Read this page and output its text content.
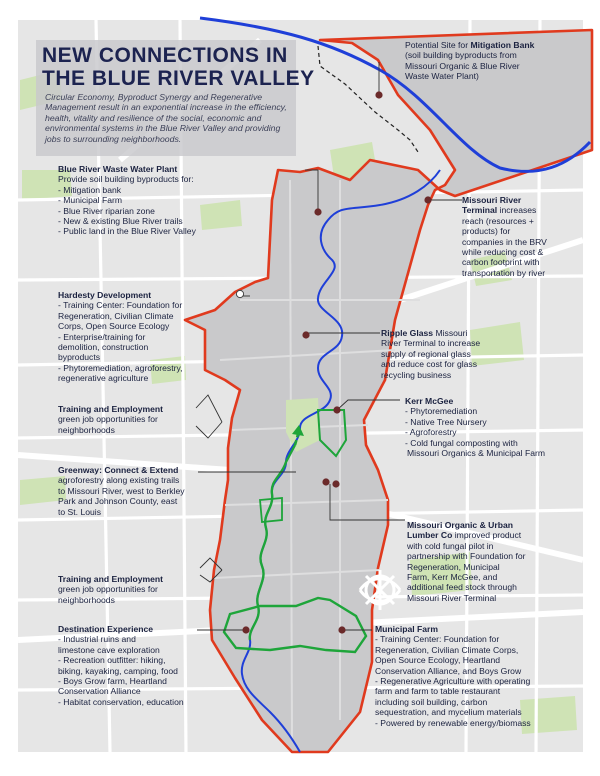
NEW CONNECTIONS IN
THE BLUE RIVER VALLEY
Circular Economy, Byproduct Synergy and Regenerative Management result in an exponential increase in the efficiency, health, vitality and resilience of the social, economic and environmental systems in the Blue River Valley and providing jobs to surrounding neighborhoods.
Potential Site for Mitigation Bank
(soil building byproducts from
Missouri Organic & Blue River
Waste Water Plant)
Blue River Waste Water Plant
Provide soil building byproducts for:
- Mitigation bank
- Municipal Farm
- Blue River riparian zone
- New & existing Blue River trails
- Public land in the Blue River Valley
Missouri River
Terminal increases
reach (resources +
products) for
companies in the BRV
while reducing cost &
carbon footprint with
transportation by river
Hardesty Development
- Training Center: Foundation for
Regeneration, Civilian Climate
Corps, Open Source Ecology
- Enterprise/training for
demolition, construction
byproducts
- Phytoremediation, agroforestry,
regenerative agriculture
Ripple Glass Missouri
River Terminal to increase
supply of regional glass
and reduce cost for glass
recycling business
Training and Employment
green job opportunities for
neighborhoods
Kerr McGee
- Phytoremediation
- Native Tree Nursery
- Agroforestry
- Cold fungal composting with
Missouri Organics & Municipal Farm
Greenway: Connect & Extend
agroforestry along existing trails
to Missouri River, west to Berkley
Park and Johnson County, east
to St. Louis
Missouri Organic & Urban
Lumber Co improved product
with cold fungal pilot in
partnership with Foundation for
Regeneration, Municipal
Farm, Kerr McGee, and
additional feed stock through
Missouri River Terminal
Training and Employment
green job opportunities for
neighborhoods
Destination Experience
- Industrial ruins and
limestone cave exploration
- Recreation outfitter: hiking,
biking, kayaking, camping, food
- Boys Grow farm, Heartland
Conservation Alliance
- Habitat conservation, education
Municipal Farm
- Training Center: Foundation for
Regeneration, Civilian Climate Corps,
Open Source Ecology, Heartland
Conservation Alliance, and Boys Grow
- Regenerative Agriculture with operating
farm and farm to table restaurant
including soil building, carbon
sequestration, and mycelium materials
- Powered by renewable energy/biomass
